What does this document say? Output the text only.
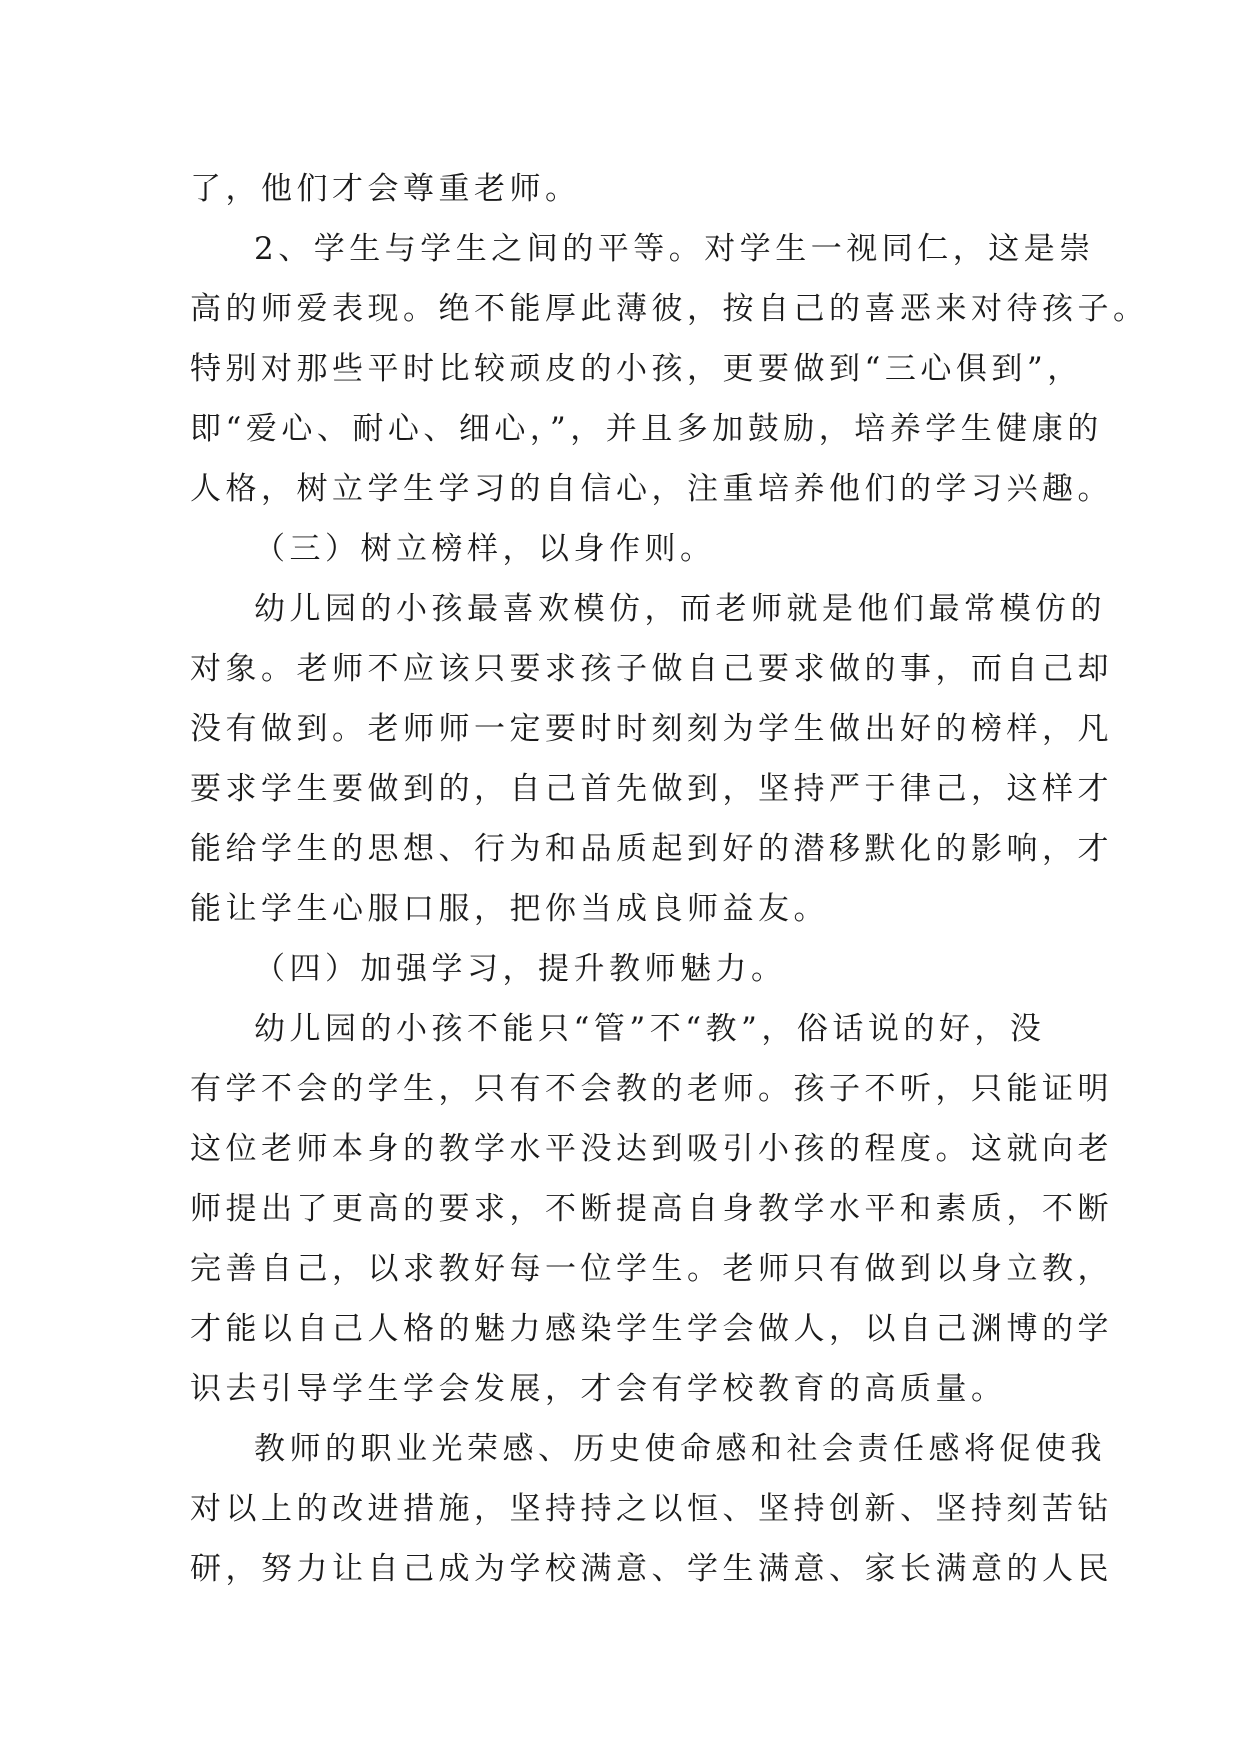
了，他们才会尊重老师。
2、学生与学生之间的平等。对学生一视同仁，这是崇
高的师爱表现。绝不能厚此薄彼，按自己的喜恶来对待孩子。
特别对那些平时比较顽皮的小孩，更要做到“三心俱到”，
即“爱心、耐心、细心，”，并且多加鼓励，培养学生健康的
人格，树立学生学习的自信心，注重培养他们的学习兴趣。
（三）树立榜样，以身作则。
幼儿园的小孩最喜欢模仿，而老师就是他们最常模仿的
对象。老师不应该只要求孩子做自己要求做的事，而自己却
没有做到。老师师一定要时时刻刻为学生做出好的榜样，凡
要求学生要做到的，自己首先做到，坚持严于律己，这样才
能给学生的思想、行为和品质起到好的潜移默化的影响，才
能让学生心服口服，把你当成良师益友。
（四）加强学习，提升教师魅力。
幼儿园的小孩不能只“管”不“教”，俗话说的好，没
有学不会的学生，只有不会教的老师。孩子不听，只能证明
这位老师本身的教学水平没达到吸引小孩的程度。这就向老
师提出了更高的要求，不断提高自身教学水平和素质，不断
完善自己，以求教好每一位学生。老师只有做到以身立教，
才能以自己人格的魅力感染学生学会做人，以自己渊博的学
识去引导学生学会发展，才会有学校教育的高质量。
教师的职业光荣感、历史使命感和社会责任感将促使我
对以上的改进措施，坚持持之以恒、坚持创新、坚持刻苦钻
研，努力让自己成为学校满意、学生满意、家长满意的人民
